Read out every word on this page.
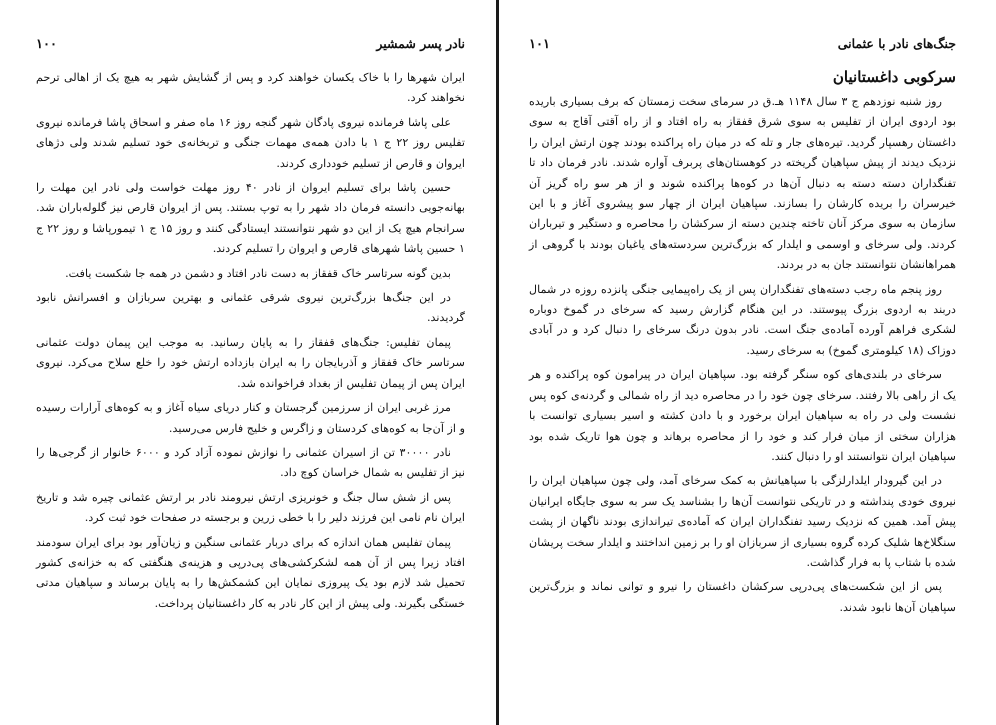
نادر پسر شمشیر
۱۰۰

ایران شهرها را با خاک یکسان خواهند کرد و پس از گشایش شهر به هیچ یک از اهالی ترحم نخواهند کرد.

علی پاشا فرمانده نیروی پادگان شهر گنجه روز ۱۶ ماه صفر و اسحاق پاشا فرمانده نیروی تفلیس روز ۲۲ ج ۱ با دادن همه‌ی مهمات جنگی و تربخانه‌ی خود تسلیم شدند ولی دژهای ایروان و قارص از تسلیم خودداری کردند.

حسین پاشا برای تسلیم ایروان از نادر ۴۰ روز مهلت خواست ولی نادر این مهلت را بهانه‌جویی دانسته فرمان داد شهر را به توپ بستند. پس از ایروان قارص نیز گلوله‌باران شد. سرانجام هیچ یک از این دو شهر نتوانستند ایستادگی کنند و روز ۱۵ ج ۱ تیمورپاشا و روز ۲۲ ج ۱ حسین پاشا شهرهای قارص و ایروان را تسلیم کردند.

بدین گونه سرتاسر خاک قفقاز به دست نادر افتاد و دشمن در همه جا شکست یافت.

در این جنگ‌ها بزرگ‌ترین نیروی شرقی عثمانی و بهترین سربازان و افسرانش نابود گردیدند.

پیمان تفلیس: جنگ‌های قفقاز را به پایان رسانید. به موجب این پیمان دولت عثمانی سرتاسر خاک قفقاز و آذربایجان را به ایران بازداده ارتش خود را خلع سلاح می‌کرد. نیروی ایران پس از پیمان تفلیس از بغداد فراخوانده شد.

مرز غربی ایران از سرزمین گرجستان و کنار دریای سیاه آغاز و به کوه‌های آرارات رسیده و از آن‌جا به کوه‌های کردستان و زاگرس و خلیج فارس می‌رسید.

نادر ۳۰۰۰۰ تن از اسیران عثمانی را نوازش نموده آزاد کرد و ۶۰۰۰ خانوار از گرجی‌ها را نیز از تفلیس به شمال خراسان کوچ داد.

پس از شش سال جنگ و خونریزی ارتش نیرومند نادر بر ارتش عثمانی چیره شد و تاریخ ایران نام نامی این فرزند دلیر را با خطی زرین و برجسته در صفحات خود ثبت کرد.

پیمان تفلیس همان اندازه که برای دربار عثمانی سنگین و زیان‌آور بود برای ایران سودمند افتاد زیرا پس از آن همه لشکرکشی‌های پی‌درپی و هزینه‌ی هنگفتی که به خزانه‌ی کشور تحمیل شد لازم بود یک پیروزی نمایان این کشمکش‌ها را به پایان برساند و سپاهیان مدتی خستگی بگیرند. ولی پیش از این کار نادر به کار داغستانیان پرداخت.

جنگ‌های نادر با عثمانی
۱۰۱
سرکوبی داغستانیان

روز شنبه نوزدهم ج ۳ سال ۱۱۴۸ هـ.ق در سرمای سخت زمستان که برف بسیاری باریده بود اردوی ایران از تفلیس به سوی شرق قفقاز به راه افتاد و از راه آقتی آقاج به سوی داغستان رهسپار گردید. تیره‌های جار و تله که در میان راه پراکنده بودند چون ارتش ایران را نزدیک دیدند از پیش سپاهیان گریخته در کوهستان‌های پربرف آواره شدند. نادر فرمان داد تا تفنگداران دسته دسته به دنبال آن‌ها در کوه‌ها پراکنده شوند و از هر سو راه گریز آن خیرسران را بریده کارشان را بسازند. سپاهیان ایران از چهار سو پیشروی آغاز و با این سازمان به سوی مرکز آنان تاخته چندین دسته از سرکشان را محاصره و دستگیر و تیرباران کردند. ولی سرخای و اوسمی و ایلدار که بزرگ‌ترین سردسته‌های یاغیان بودند با گروهی از همراهانشان نتوانستند جان به در بردند.

روز پنجم ماه رجب دسته‌های تفنگداران پس از یک راه‌پیمایی جنگی پانزده روزه در شمال دربند به اردوی بزرگ پیوستند. در این هنگام گزارش رسید که سرخای در گموخ دوباره لشکری فراهم آورده آماده‌ی جنگ است. نادر بدون درنگ سرخای را دنبال کرد و در آبادی دوزاک (۱۸ کیلومتری گموخ) به سرخای رسید.

سرخای در بلندی‌های کوه سنگر گرفته بود. سپاهیان ایران در پیرامون کوه پراکنده و هر یک از راهی بالا رفتند. سرخای چون خود را در محاصره دید از راه شمالی و گردنه‌ی کوه پس نشست ولی در راه به سپاهیان ایران برخورد و با دادن کشته و اسیر بسیاری توانست با هزاران سختی از میان فرار کند و خود را از محاصره برهاند و چون هوا تاریک شده بود سپاهیان ایران نتوانستند او را دنبال کنند.

در این گیرودار ایلدارلزگی با سپاهیانش به کمک سرخای آمد، ولی چون سپاهیان ایران را نیروی خودی پنداشته و در تاریکی نتوانست آن‌ها را بشناسد یک سر به سوی جایگاه ایرانیان پیش آمد. همین که نزدیک رسید تفنگداران ایران که آماده‌ی تیراندازی بودند ناگهان از پشت سنگلاخ‌ها شلیک کرده گروه بسیاری از سربازان او را بر زمین انداختند و ایلدار سخت پریشان شده با شتاب پا به فرار گذاشت.

پس از این شکست‌های پی‌درپی سرکشان داغستان را نیرو و توانی نماند و بزرگ‌ترین سپاهیان آن‌ها نابود شدند.
